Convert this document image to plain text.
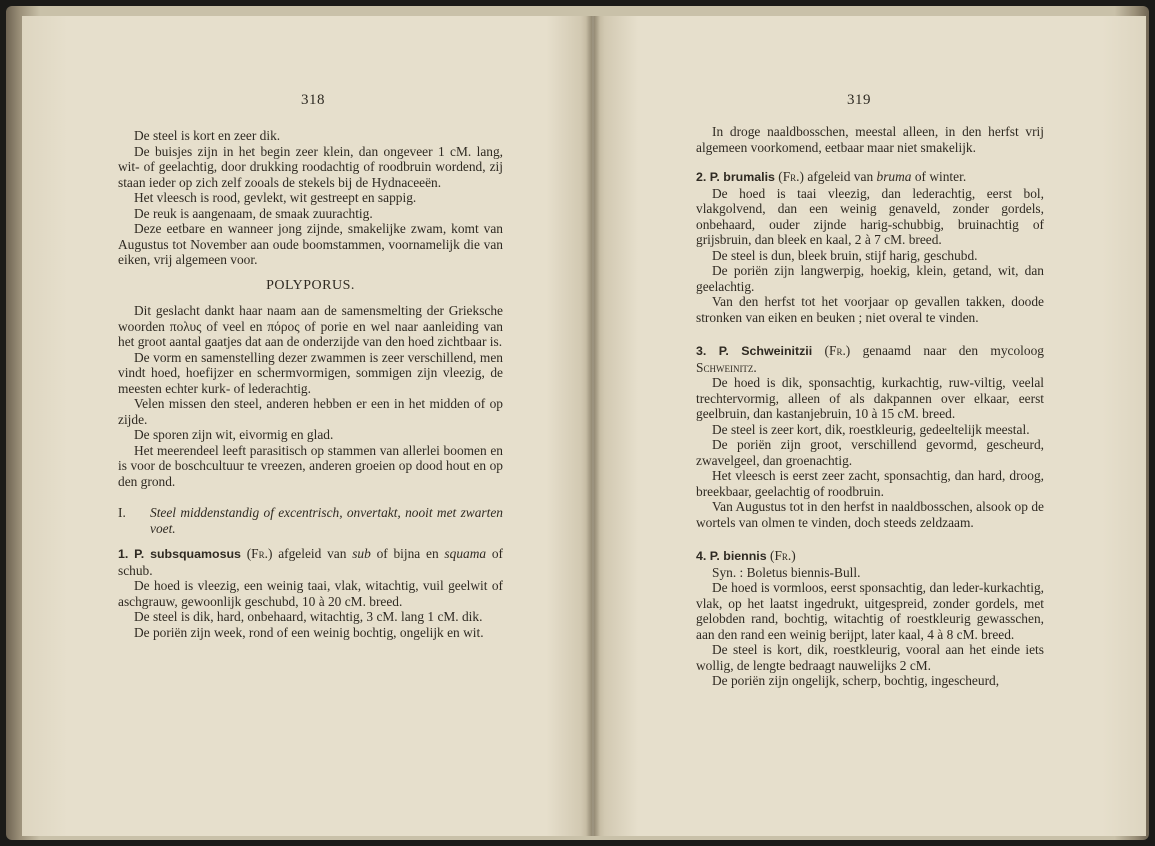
318

De steel is kort en zeer dik.

De buisjes zijn in het begin zeer klein, dan ongeveer 1 cM. lang, wit- of geelachtig, door drukking roodachtig of roodbruin wordend, zij staan ieder op zich zelf zooals de stekels bij de Hydnaceeën.

Het vleesch is rood, gevlekt, wit gestreept en sappig.

De reuk is aangenaam, de smaak zuurachtig.

Deze eetbare en wanneer jong zijnde, smakelijke zwam, komt van Augustus tot November aan oude boomstammen, voornamelijk die van eiken, vrij algemeen voor.

POLYPORUS.

Dit geslacht dankt haar naam aan de samensmelting der Grieksche woorden πολυς of veel en πόρος of porie en wel naar aanleiding van het groot aantal gaatjes dat aan de onderzijde van den hoed zichtbaar is.

De vorm en samenstelling dezer zwammen is zeer verschillend, men vindt hoed, hoefijzer en schermvormigen, sommigen zijn vleezig, de meesten echter kurk- of lederachtig.

Velen missen den steel, anderen hebben er een in het midden of op zijde.

De sporen zijn wit, eivormig en glad.

Het meerendeel leeft parasitisch op stammen van allerlei boomen en is voor de boschcultuur te vreezen, anderen groeien op dood hout en op den grond.

I. Steel middenstandig of excentrisch, onvertakt, nooit met zwarten voet.

1. P. subsquamosus (Fr.) afgeleid van sub of bijna en squama of schub.

De hoed is vleezig, een weinig taai, vlak, witachtig, vuil geelwit of aschgrauw, gewoonlijk geschubd, 10 à 20 cM. breed.

De steel is dik, hard, onbehaard, witachtig, 3 cM. lang 1 cM. dik.

De poriën zijn week, rond of een weinig bochtig, ongelijk en wit.

319

In droge naaldbosschen, meestal alleen, in den herfst vrij algemeen voorkomend, eetbaar maar niet smakelijk.

2. P. brumalis (Fr.) afgeleid van bruma of winter.

De hoed is taai vleezig, dan lederachtig, eerst bol, vlakgolvend, dan een weinig genaveld, zonder gordels, onbehaard, ouder zijnde harig-schubbig, bruinachtig of grijsbruin, dan bleek en kaal, 2 à 7 cM. breed.

De steel is dun, bleek bruin, stijf harig, geschubd.

De poriën zijn langwerpig, hoekig, klein, getand, wit, dan geelachtig.

Van den herfst tot het voorjaar op gevallen takken, doode stronken van eiken en beuken ; niet overal te vinden.

3. P. Schweinitzii (Fr.) genaamd naar den mycoloog Schweinitz.

De hoed is dik, sponsachtig, kurkachtig, ruw-viltig, veelal trechtervormig, alleen of als dakpannen over elkaar, eerst geelbruin, dan kastanjebruin, 10 à 15 cM. breed.

De steel is zeer kort, dik, roestkleurig, gedeeltelijk meestal.

De poriën zijn groot, verschillend gevormd, gescheurd, zwavelgeel, dan groenachtig.

Het vleesch is eerst zeer zacht, sponsachtig, dan hard, droog, breekbaar, geelachtig of roodbruin.

Van Augustus tot in den herfst in naaldbosschen, alsook op de wortels van olmen te vinden, doch steeds zeldzaam.

4. P. biennis (Fr.)

Syn. : Boletus biennis-Bull.

De hoed is vormloos, eerst sponsachtig, dan leder-kurkachtig, vlak, op het laatst ingedrukt, uitgespreid, zonder gordels, met gelobden rand, bochtig, witachtig of roestkleurig gewasschen, aan den rand een weinig berijpt, later kaal, 4 à 8 cM. breed.

De steel is kort, dik, roestkleurig, vooral aan het einde iets wollig, de lengte bedraagt nauwelijks 2 cM.

De poriën zijn ongelijk, scherp, bochtig, ingescheurd,
